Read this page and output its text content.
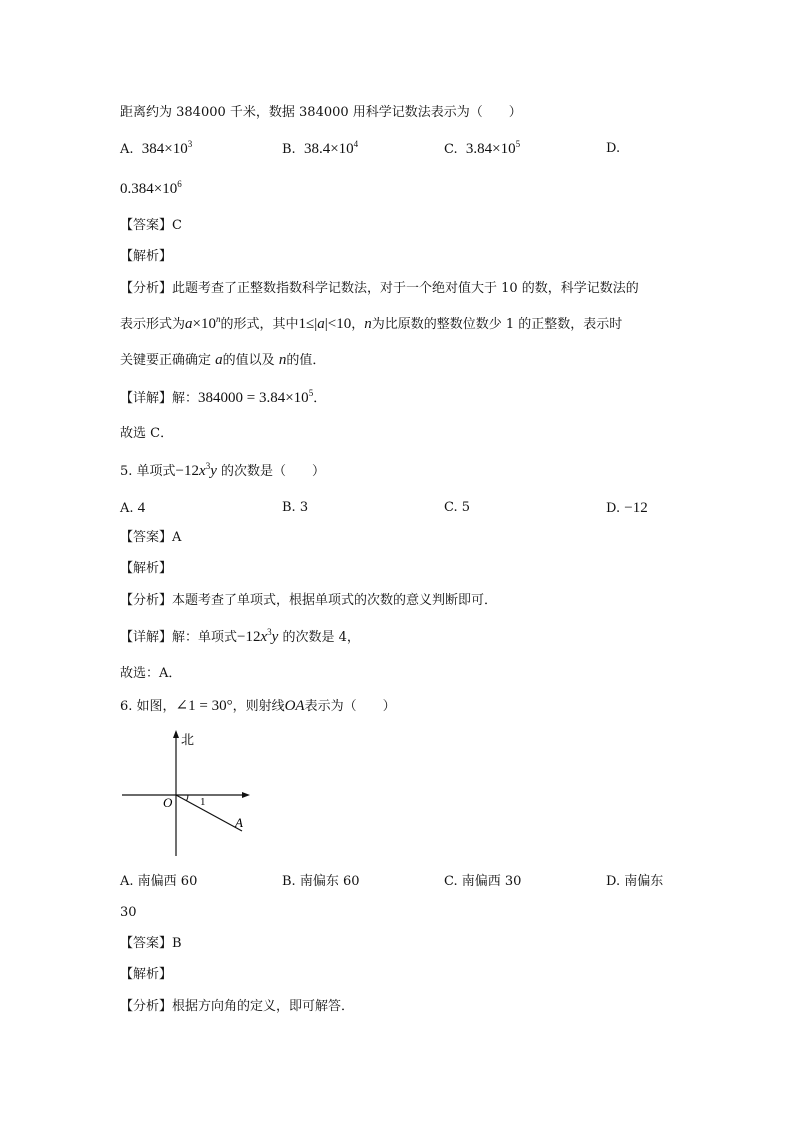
距离约为 384000 千米，数据 384000 用科学记数法表示为（　　）
A. $384\times 10^3$	B. $38.4\times 10^4$	C. $3.84\times 10^5$	D.
$0.384\times 10^6$
【答案】C
【解析】
【分析】此题考查了正整数指数科学记数法，对于一个绝对值大于 10 的数，科学记数法的
表示形式为$a\times 10^n$的形式，其中1≤|a|<10，n为比原数的整数位数少 1 的正整数，表示时
关键要正确确定 a的值以及 n的值．
【详解】解：$384000 = 3.84\times 10^5$．
故选 C．
5. 单项式$-12x^3y$ 的次数是（　　）
A. 4	B. 3	C. 5	D. −12
【答案】A
【解析】
【分析】本题考查了单项式，根据单项式的次数的意义判断即可．
【详解】解：单项式$-12x^3y$ 的次数是 4，
故选：A．
6. 如图，∠1 = 30°，则射线OA表示为（　　）
北
O	1
A
A. 南偏西 60	B. 南偏东 60	C. 南偏西 30	D. 南偏东
30
【答案】B
【解析】
【分析】根据方向角的定义，即可解答．
